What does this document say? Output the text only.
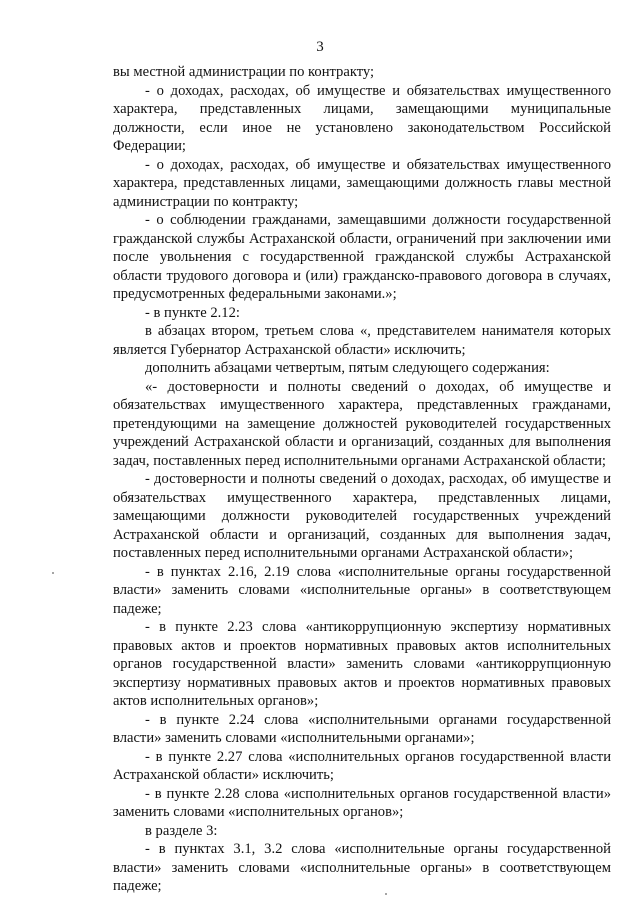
3

вы местной администрации по контракту;

- о доходах, расходах, об имуществе и обязательствах имущественного характера, представленных лицами, замещающими муниципальные должности, если иное не установлено законодательством Российской Федерации;

- о доходах, расходах, об имуществе и обязательствах имущественного характера, представленных лицами, замещающими должность главы местной администрации по контракту;

- о соблюдении гражданами, замещавшими должности государственной гражданской службы Астраханской области, ограничений при заключении ими после увольнения с государственной гражданской службы Астраханской области трудового договора и (или) гражданско-правового договора в случаях, предусмотренных федеральными законами.»;

- в пункте 2.12:

в абзацах втором, третьем слова «, представителем нанимателя которых является Губернатор Астраханской области» исключить;

дополнить абзацами четвертым, пятым следующего содержания:

«- достоверности и полноты сведений о доходах, об имуществе и обязательствах имущественного характера, представленных гражданами, претендующими на замещение должностей руководителей государственных учреждений Астраханской области и организаций, созданных для выполнения задач, поставленных перед исполнительными органами Астраханской области;

- достоверности и полноты сведений о доходах, расходах, об имуществе и обязательствах имущественного характера, представленных лицами, замещающими должности руководителей государственных учреждений Астраханской области и организаций, созданных для выполнения задач, поставленных перед исполнительными органами Астраханской области»;

- в пунктах 2.16, 2.19 слова «исполнительные органы государственной власти» заменить словами «исполнительные органы» в соответствующем падеже;

- в пункте 2.23 слова «антикоррупционную экспертизу нормативных правовых актов и проектов нормативных правовых актов исполнительных органов государственной власти» заменить словами «антикоррупционную экспертизу нормативных правовых актов и проектов нормативных правовых актов исполнительных органов»;

- в пункте 2.24 слова «исполнительными органами государственной власти» заменить словами «исполнительными органами»;

- в пункте 2.27 слова «исполнительных органов государственной власти Астраханской области» исключить;

- в пункте 2.28 слова «исполнительных органов государственной власти» заменить словами «исполнительных органов»;

в разделе 3:

- в пунктах 3.1, 3.2 слова «исполнительные органы государственной власти» заменить словами «исполнительные органы» в соответствующем падеже;
